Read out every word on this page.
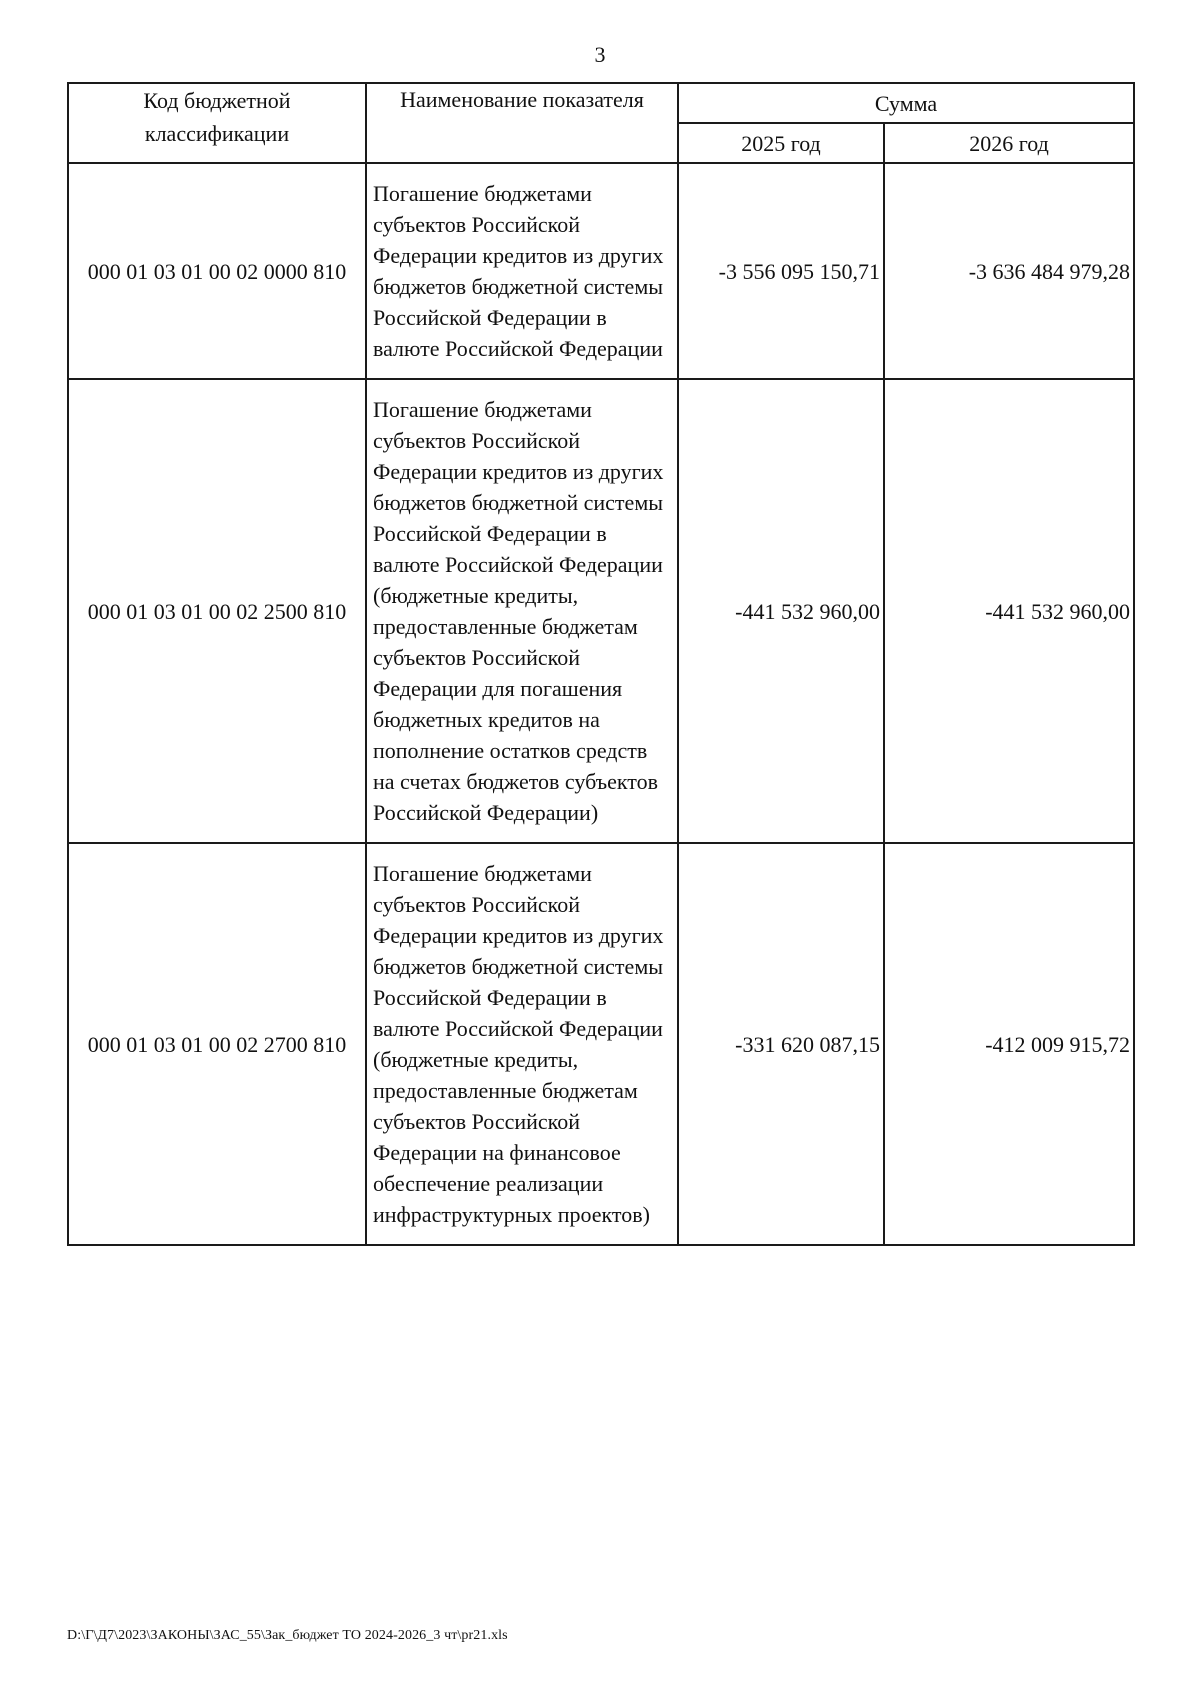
3
Код бюджетной классификации	Наименование показателя	Сумма	
		2025 год	2026 год
000 01 03 01 00 02 0000 810	Погашение бюджетами субъектов Российской Федерации кредитов из других бюджетов бюджетной системы Российской Федерации в валюте Российской Федерации	-3 556 095 150,71	-3 636 484 979,28
000 01 03 01 00 02 2500 810	Погашение бюджетами субъектов Российской Федерации кредитов из других бюджетов бюджетной системы Российской Федерации в валюте Российской Федерации (бюджетные кредиты, предоставленные бюджетам субъектов Российской Федерации для погашения бюджетных кредитов на пополнение остатков средств на счетах бюджетов субъектов Российской Федерации)	-441 532 960,00	-441 532 960,00
000 01 03 01 00 02 2700 810	Погашение бюджетами субъектов Российской Федерации кредитов из других бюджетов бюджетной системы Российской Федерации в валюте Российской Федерации (бюджетные кредиты, предоставленные бюджетам субъектов Российской Федерации на финансовое обеспечение реализации инфраструктурных проектов)	-331 620 087,15	-412 009 915,72
D:\Г\Д7\2023\ЗАКОНЫ\ЗАС_55\Зак_бюджет ТО 2024-2026_3 чт\pr21.xls
